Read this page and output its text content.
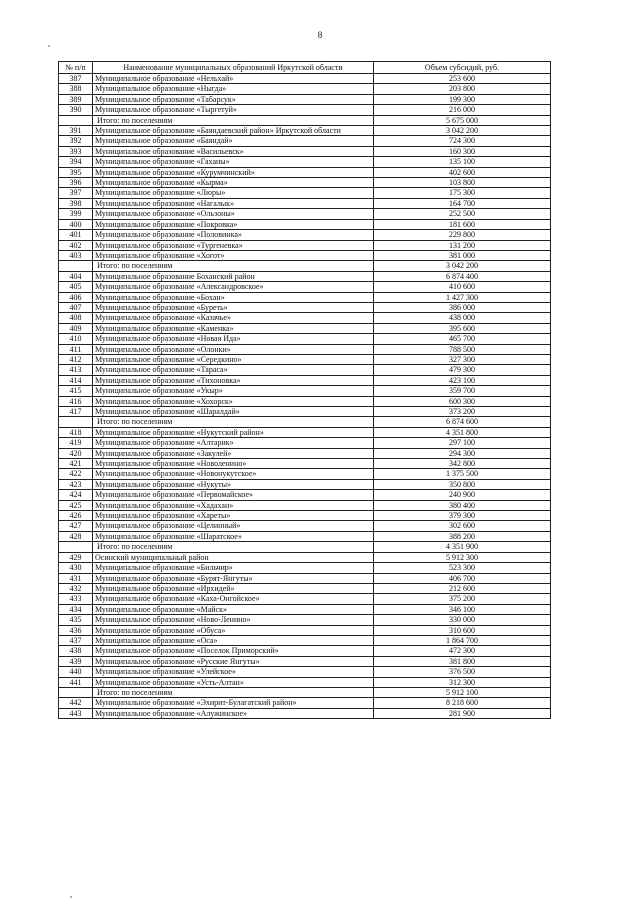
8
№ п/п	Наименование муниципальных образований Иркутской области	Объем субсидий, руб.
387	Муниципальное образование «Нельхай»	253 600
388	Муниципальное образование «Ныгда»	203 800
389	Муниципальное образование «Табарсук»	199 300
390	Муниципальное образование «Тыргетуй»	216 000
	Итого: по поселениям	5 675 000
391	Муниципальное образование «Баяндаевский район» Иркутской области	3 042 200
392	Муниципальное образование «Баяндай»	724 300
393	Муниципальное образование «Васильевск»	160 300
394	Муниципальное образование «Гаханы»	135 100
395	Муниципальное образование «Курумчинский»	402 600
396	Муниципальное образование «Кырма»	103 800
397	Муниципальное образование «Люры»	175 300
398	Муниципальное образование «Нагалык»	164 700
399	Муниципальное образование «Ользоны»	252 500
400	Муниципальное образование «Покровка»	181 600
401	Муниципальное образование «Половинка»	229 800
402	Муниципальное образование «Тургеневка»	131 200
403	Муниципальное образование «Хогот»	381 000
	Итого: по поселениям	3 042 200
404	Муниципальное образование Боханский район	6 874 400
405	Муниципальное образование «Александровское»	410 600
406	Муниципальное образование «Бохан»	1 427 300
407	Муниципальное образование «Буреть»	386 000
408	Муниципальное образование «Казачье»	438 000
409	Муниципальное образование «Каменка»	395 600
410	Муниципальное образование «Новая Ида»	465 700
411	Муниципальное образование «Олонки»	788 500
412	Муниципальное образование «Середкино»	327 300
413	Муниципальное образование «Тараса»	479 300
414	Муниципальное образование «Тихоновка»	423 100
415	Муниципальное образование «Укыр»	359 700
416	Муниципальное образование «Хохорск»	600 300
417	Муниципальное образование «Шаралдай»	373 200
	Итого: по поселениям	6 874 600
418	Муниципальное образование «Нукутский район»	4 351 800
419	Муниципальное образование «Алтарик»	297 100
420	Муниципальное образование «Закулей»	294 300
421	Муниципальное образование «Новоленино»	342 800
422	Муниципальное образование «Новонукутское»	1 375 500
423	Муниципальное образование «Нукуты»	350 800
424	Муниципальное образование «Первомайское»	240 900
425	Муниципальное образование «Хадахан»	380 400
426	Муниципальное образование «Хареты»	379 300
427	Муниципальное образование «Целинный»	302 600
428	Муниципальное образование «Шаратское»	388 200
	Итого: по поселениям	4 351 900
429	Осинский муниципальный район	5 912 300
430	Муниципальное образование «Бильчир»	523 300
431	Муниципальное образование «Бурят-Янгуты»	406 700
432	Муниципальное образование «Ирхидей»	212 600
433	Муниципальное образование «Каха-Онгойское»	375 200
434	Муниципальное образование «Майск»	346 100
435	Муниципальное образование «Ново-Ленино»	330 000
436	Муниципальное образование «Обуса»	310 600
437	Муниципальное образование «Оса»	1 864 700
438	Муниципальное образование «Поселок Приморский»	472 300
439	Муниципальное образование «Русские Янгуты»	381 800
440	Муниципальное образование «Улейское»	376 500
441	Муниципальное образование «Усть-Алтан»	312 300
	Итого: по поселениям	5 912 100
442	Муниципальное образование «Эхирит-Булагатский район»	8 218 600
443	Муниципальное образование «Алужинское»	281 900
